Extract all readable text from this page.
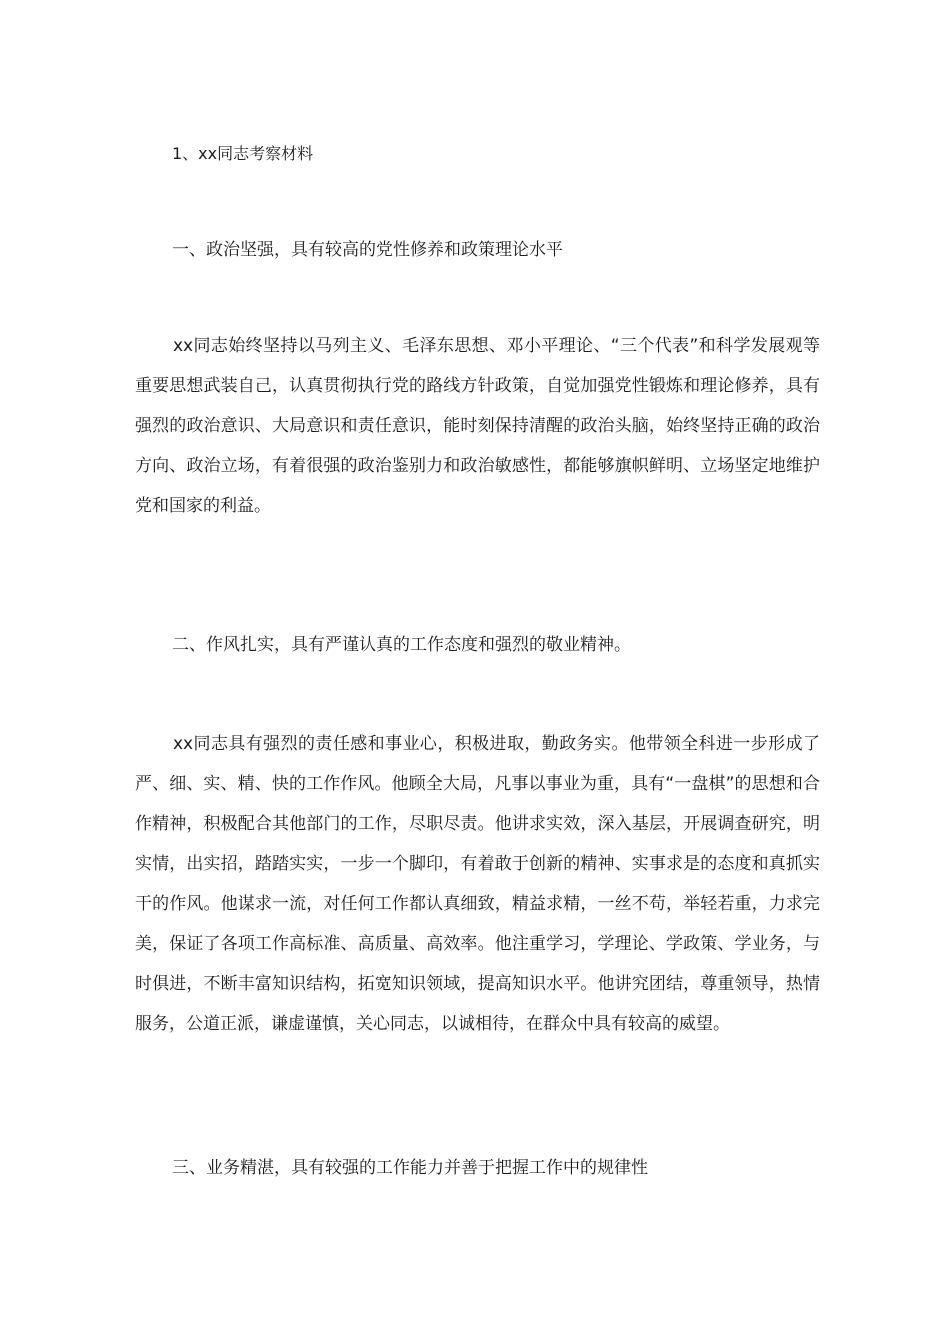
1、xx同志考察材料
一、政治坚强，具有较高的党性修养和政策理论水平
xx同志始终坚持以马列主义、毛泽东思想、邓小平理论、“三个代表”和科学发展观等重要思想武装自己，认真贯彻执行党的路线方针政策，自觉加强党性锻炼和理论修养，具有强烈的政治意识、大局意识和责任意识，能时刻保持清醒的政治头脑，始终坚持正确的政治方向、政治立场，有着很强的政治鉴别力和政治敏感性，都能够旗帜鲜明、立场坚定地维护党和国家的利益。
二、作风扎实，具有严谨认真的工作态度和强烈的敬业精神。
xx同志具有强烈的责任感和事业心，积极进取，勤政务实。他带领全科进一步形成了严、细、实、精、快的工作作风。他顾全大局，凡事以事业为重，具有“一盘棋”的思想和合作精神，积极配合其他部门的工作，尽职尽责。他讲求实效，深入基层，开展调查研究，明实情，出实招，踏踏实实，一步一个脚印，有着敢于创新的精神、实事求是的态度和真抓实干的作风。他谋求一流，对任何工作都认真细致，精益求精，一丝不苟，举轻若重，力求完美，保证了各项工作高标准、高质量、高效率。他注重学习，学理论、学政策、学业务，与时俱进，不断丰富知识结构，拓宽知识领域，提高知识水平。他讲究团结，尊重领导，热情服务，公道正派，谦虚谨慎，关心同志，以诚相待，在群众中具有较高的威望。
三、业务精湛，具有较强的工作能力并善于把握工作中的规律性
